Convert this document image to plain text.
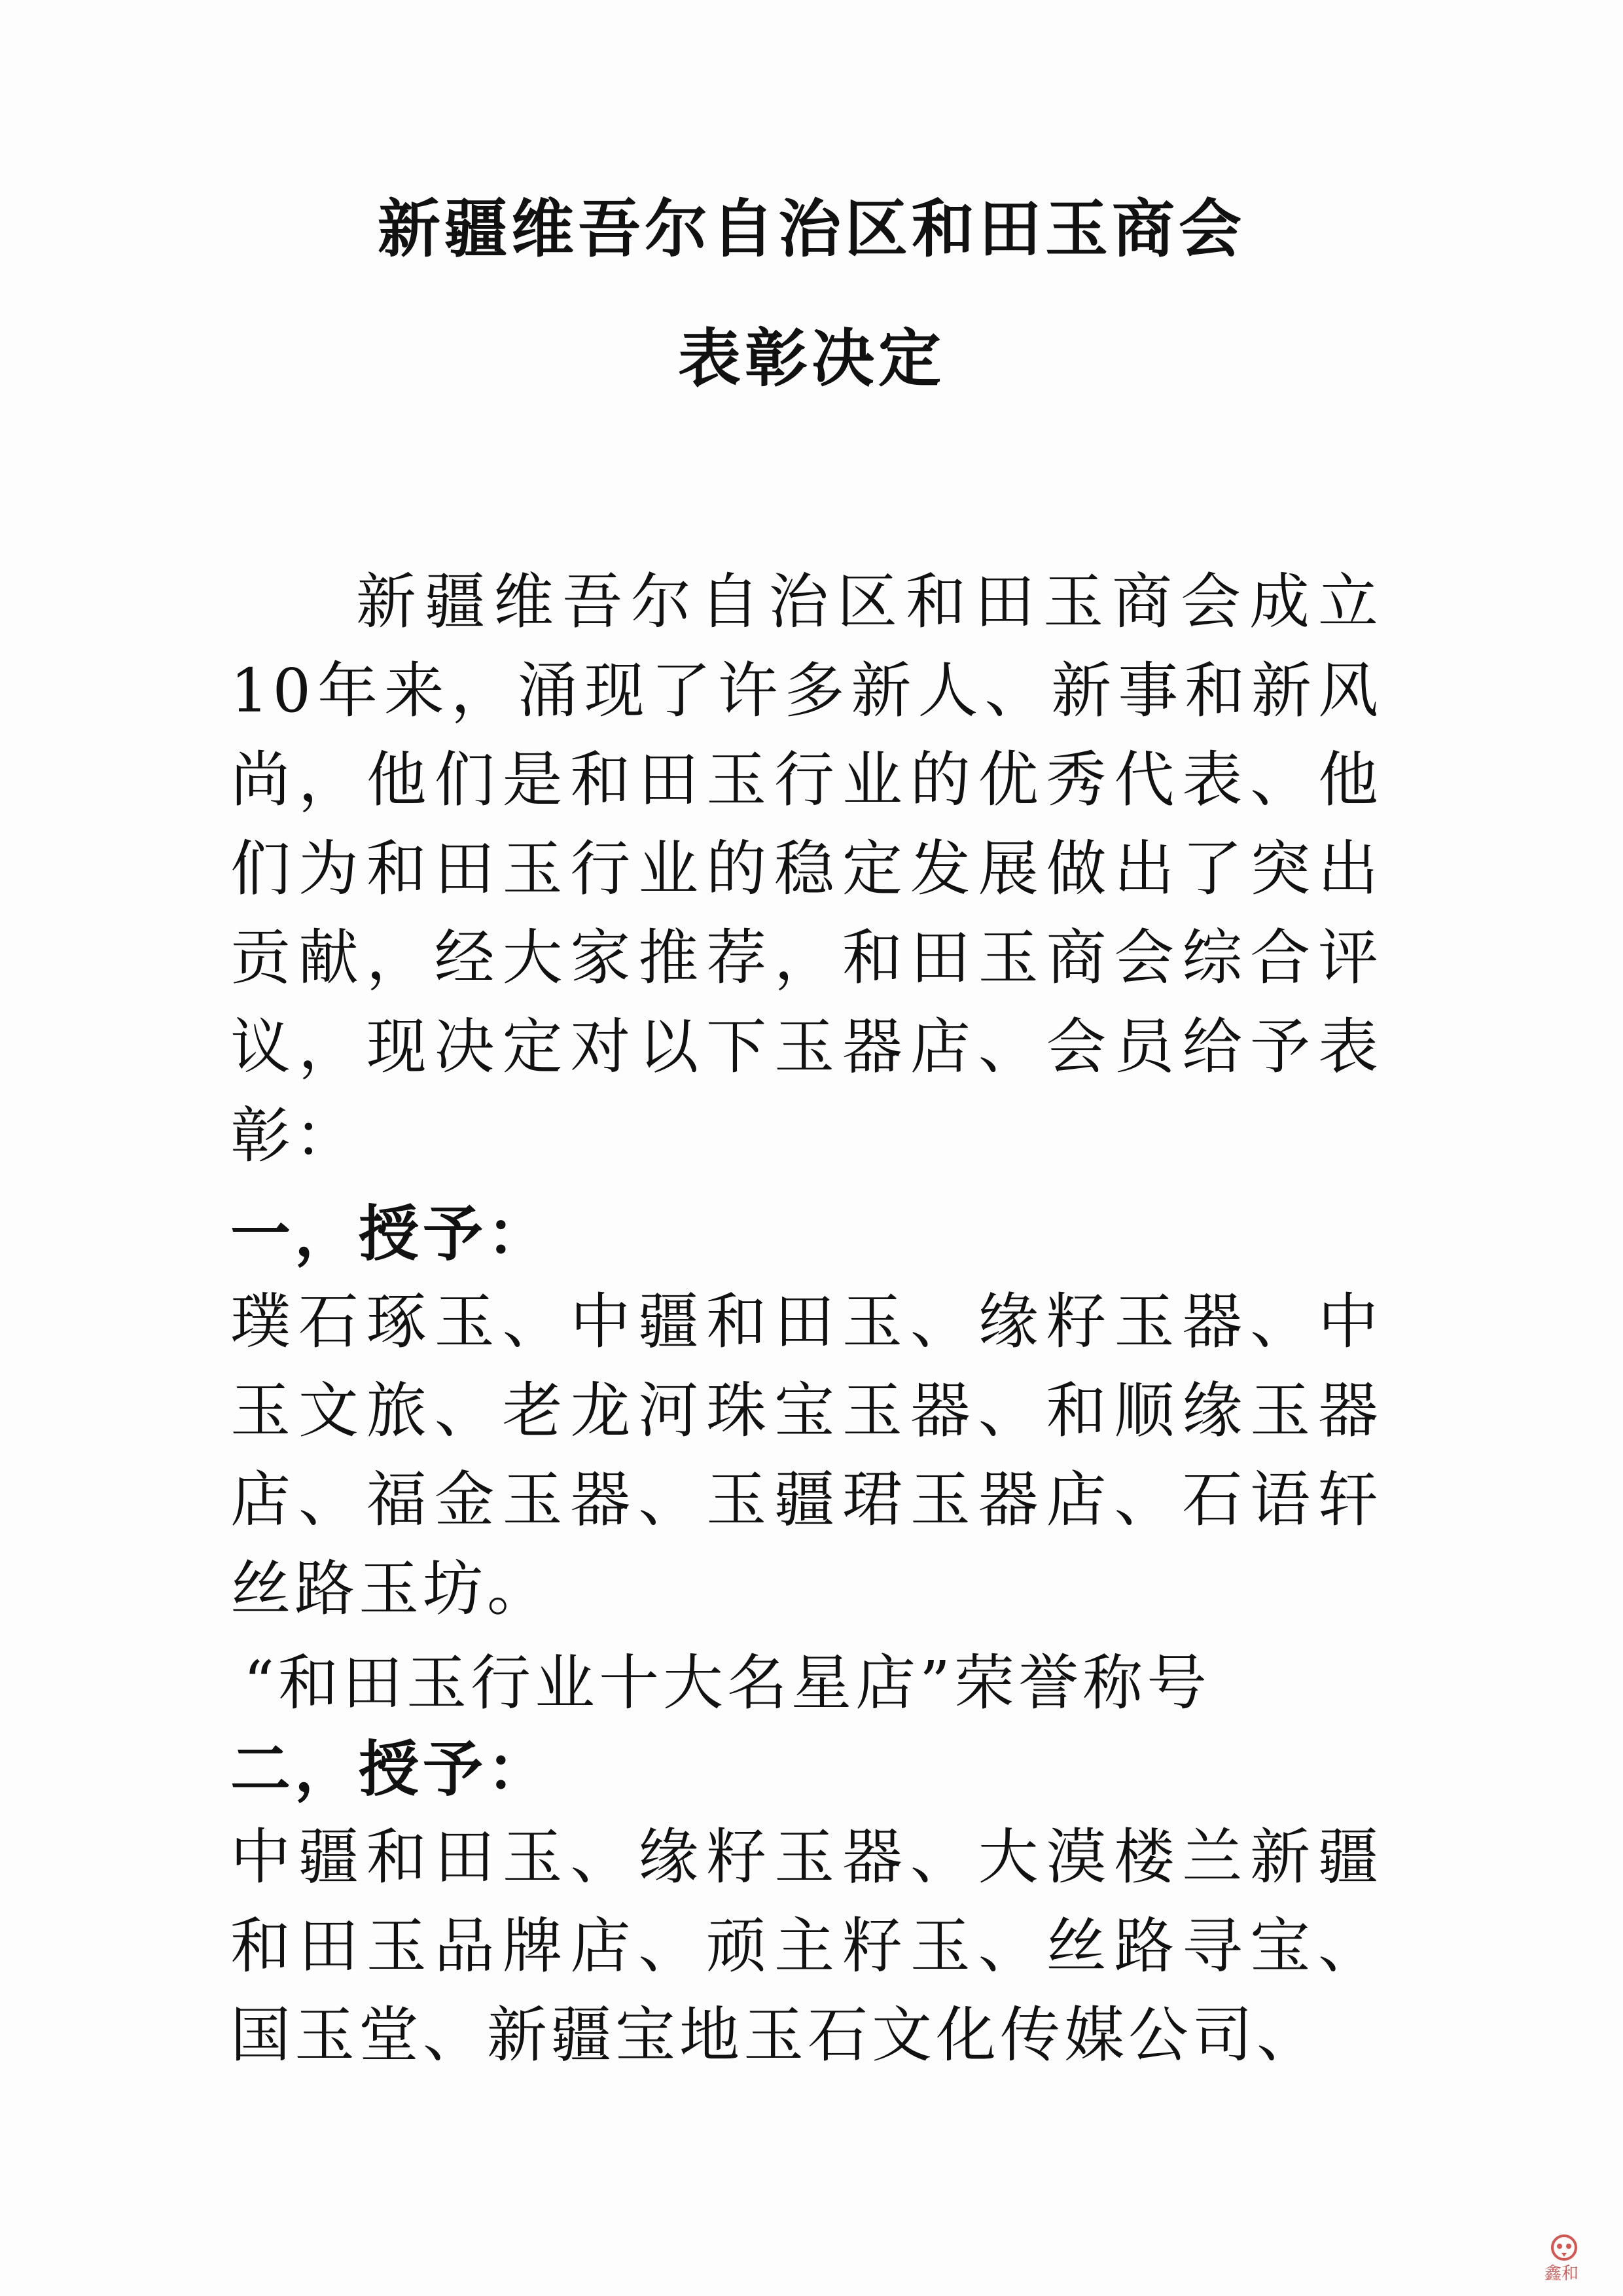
新疆维吾尔自治区和田玉商会
表彰决定

新疆维吾尔自治区和田玉商会成立10年来，涌现了许多新人、新事和新风尚，他们是和田玉行业的优秀代表、他们为和田玉行业的稳定发展做出了突出贡献，经大家推荐，和田玉商会综合评议，现决定对以下玉器店、会员给予表彰：

一，授予：

璞石琢玉、中疆和田玉、缘籽玉器、中玉文旅、老龙河珠宝玉器、和顺缘玉器店、福金玉器、玉疆珺玉器店、石语轩丝路玉坊。

“和田玉行业十大名星店”荣誉称号

二，授予：

中疆和田玉、缘籽玉器、大漠楼兰新疆和田玉品牌店、顽主籽玉、丝路寻宝、国玉堂、新疆宝地玉石文化传媒公司、

鑫和
